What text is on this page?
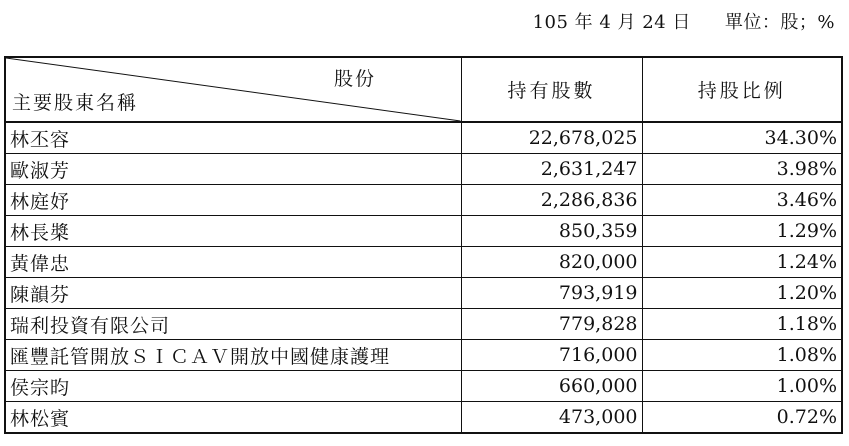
105 年 4 月 24 日 單位：股；%
股份
主要股東名稱	持有股數	持股比例
林丕容	22,678,025	34.30%
歐淑芳	2,631,247	3.98%
林庭妤	2,286,836	3.46%
林長槳	850,359	1.29%
黃偉忠	820,000	1.24%
陳韻芬	793,919	1.20%
瑞利投資有限公司	779,828	1.18%
匯豐託管開放ＳＩＣＡＶ開放中國健康護理	716,000	1.08%
侯宗昀	660,000	1.00%
林松賓	473,000	0.72%
